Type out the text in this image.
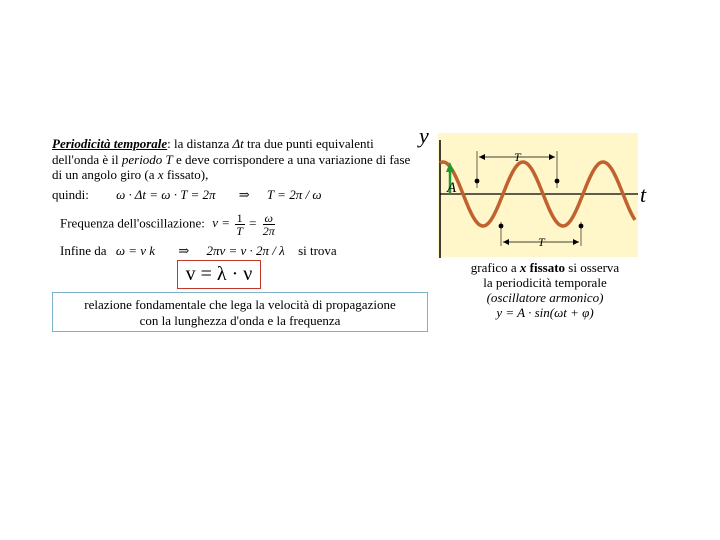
Periodicità temporale: la distanza Δt tra due punti equivalenti dell'onda è il periodo T e deve corrispondere a una variazione di fase di un angolo giro (a x fissato),
quindi: ω · Δt = ω · T = 2π ⇒ T = 2π / ω
Frequenza dell'oscillazione: $\nu = \frac{1}{T} = \frac{\omega}{2\pi}$
Infine da ω = v k ⇒ 2πν = v · 2π / λ si trova
v = λ · ν
relazione fondamentale che lega la velocità di propagazione
con la lunghezza d'onda e la frequenza
A
T
T
y
t
grafico a x fissato si osserva
la periodicità temporale
(oscillatore armonico)
y = A · sin(ωt + φ)
